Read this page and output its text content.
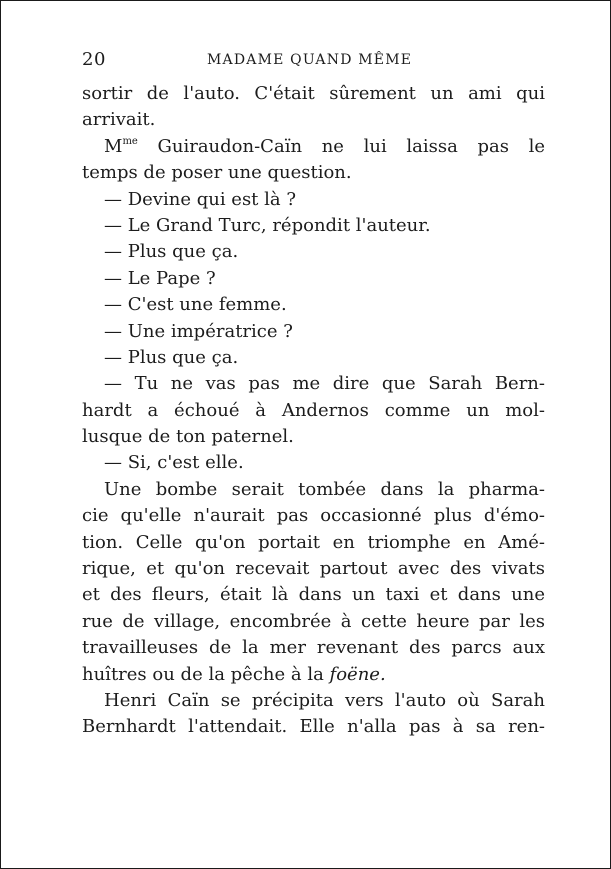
20	MADAME QUAND MÊME
sortir de l'auto. C'était sûrement un ami qui
arrivait.
$M^{me}$ Guiraudon-Caïn ne lui laissa pas le
temps de poser une question.
— Devine qui est là ?
— Le Grand Turc, répondit l'auteur.
— Plus que ça.
— Le Pape ?
— C'est une femme.
— Une impératrice ?
— Plus que ça.
— Tu ne vas pas me dire que Sarah Bern-
hardt a échoué à Andernos comme un mol-
lusque de ton paternel.
— Si, c'est elle.
Une bombe serait tombée dans la pharma-
cie qu'elle n'aurait pas occasionné plus d'émo-
tion. Celle qu'on portait en triomphe en Amé-
rique, et qu'on recevait partout avec des vivats
et des fleurs, était là dans un taxi et dans une
rue de village, encombrée à cette heure par les
travailleuses de la mer revenant des parcs aux
huîtres ou de la pêche à la foëne.
Henri Caïn se précipita vers l'auto où Sarah
Bernhardt l'attendait. Elle n'alla pas à sa ren-
